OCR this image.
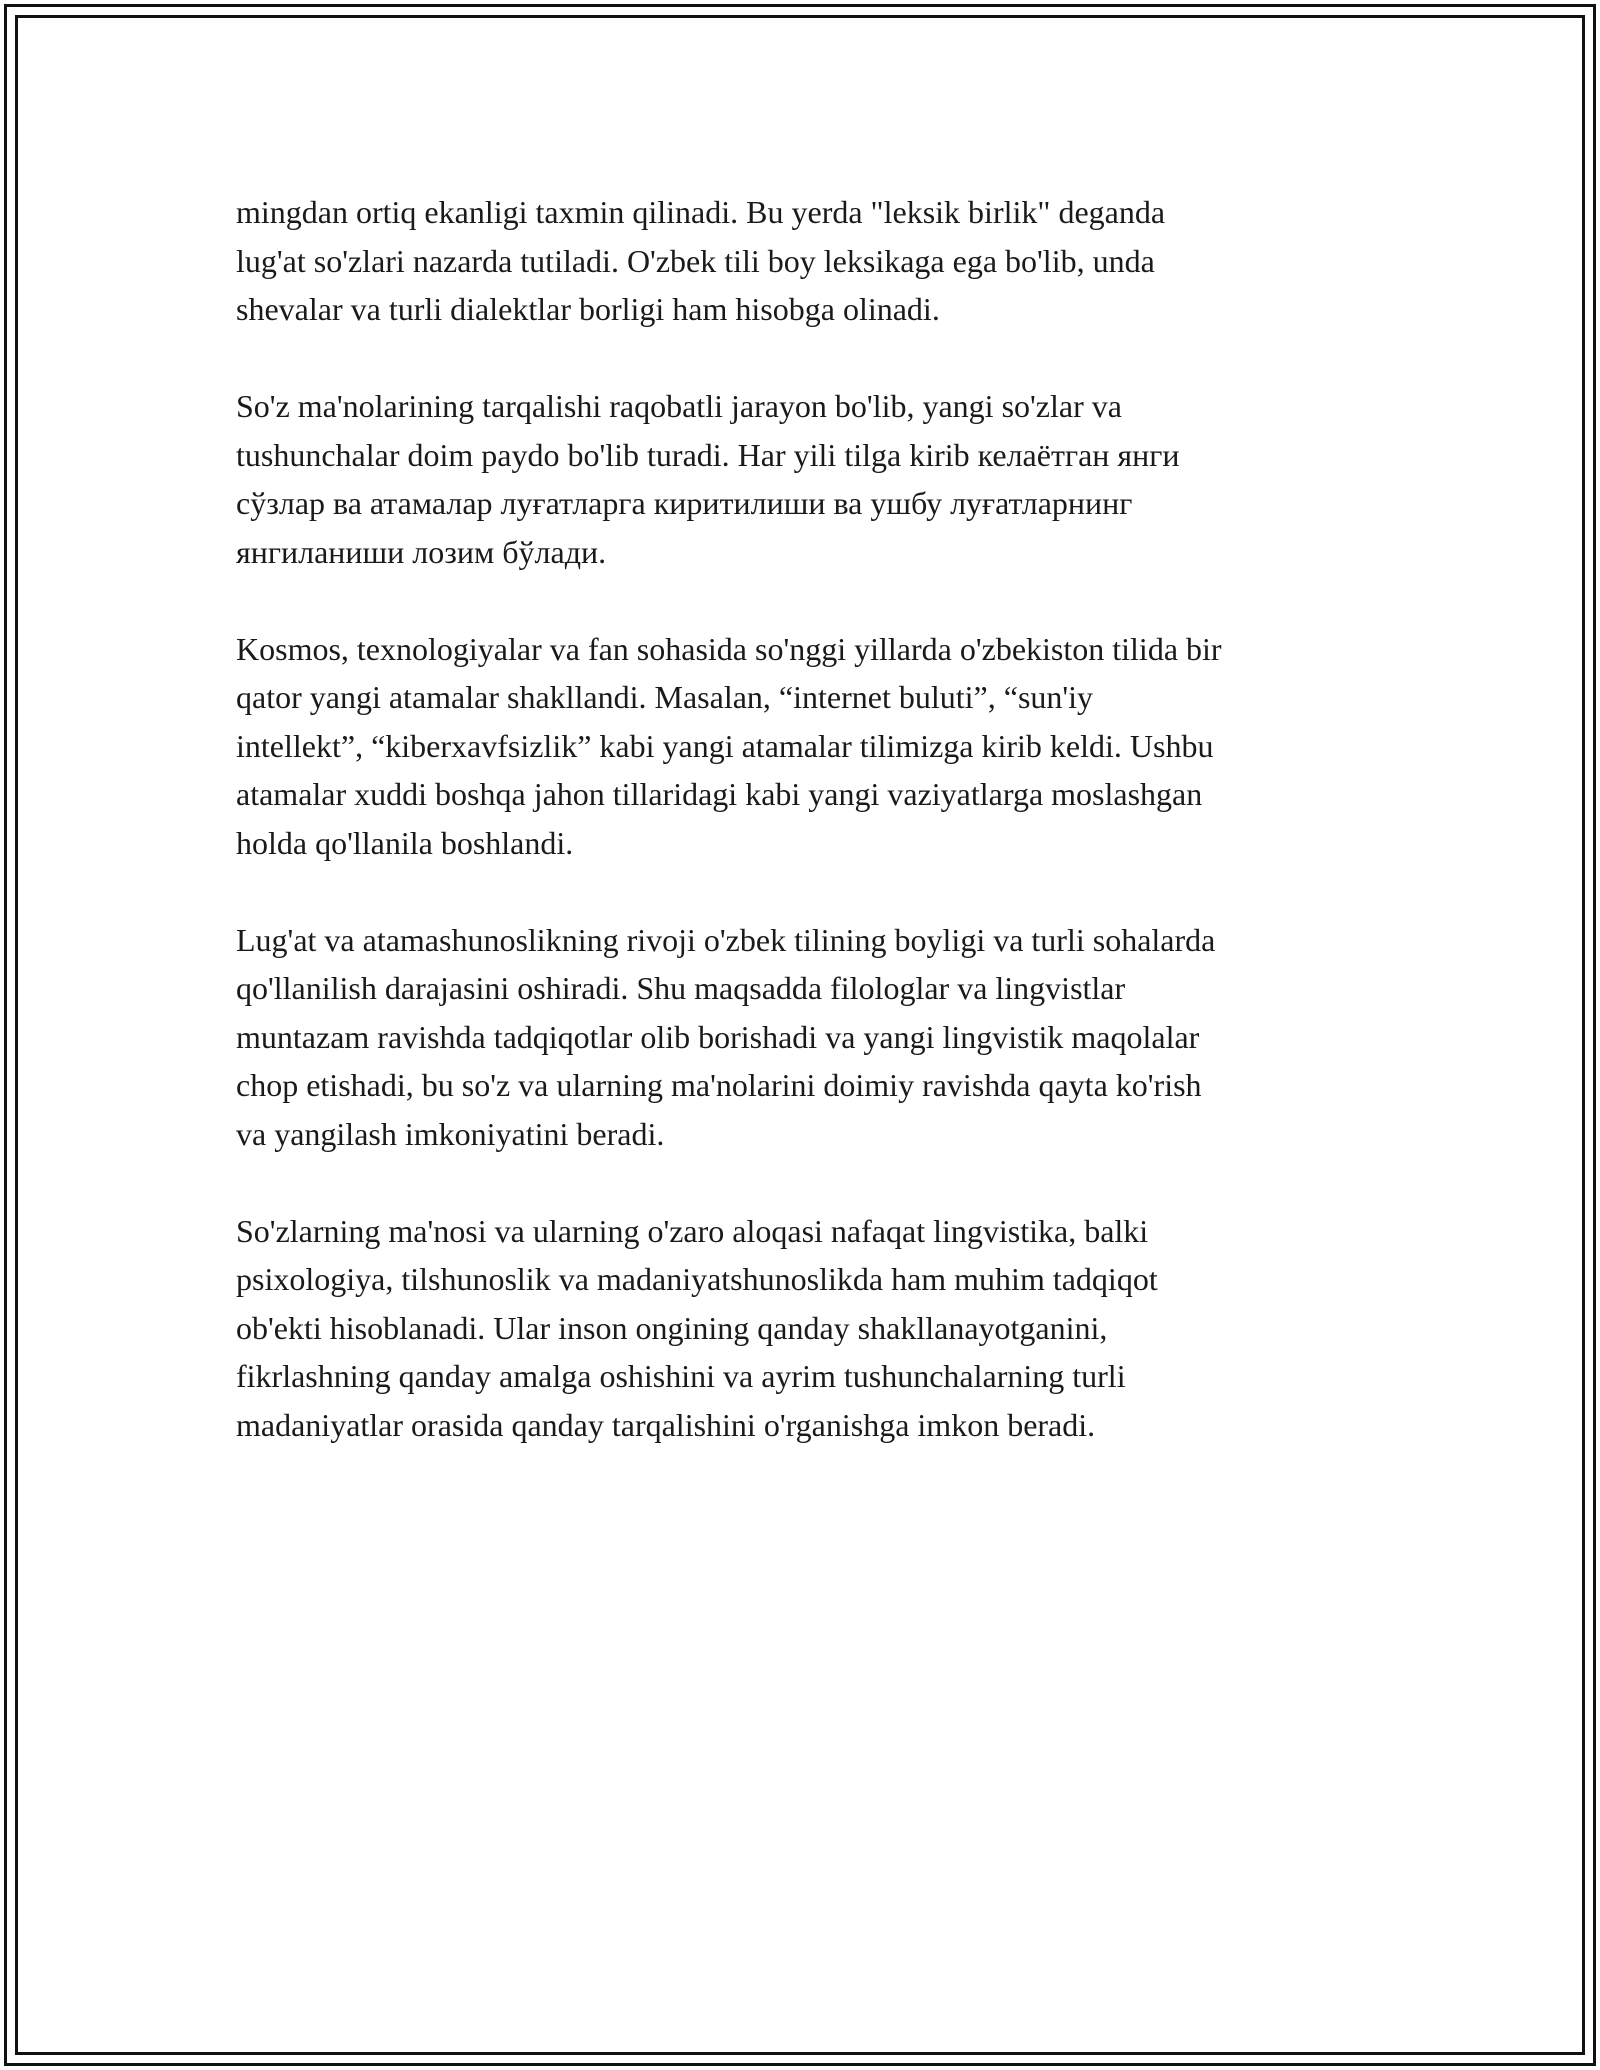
mingdan ortiq ekanligi taxmin qilinadi. Bu yerda "leksik birlik" deganda
lug'at so'zlari nazarda tutiladi. O'zbek tili boy leksikaga ega bo'lib, unda
shevalar va turli dialektlar borligi ham hisobga olinadi.

So'z ma'nolarining tarqalishi raqobatli jarayon bo'lib, yangi so'zlar va
tushunchalar doim paydo bo'lib turadi. Har yili tilga kirib келаётган янги
сўзлар ва атамалар луғатларга киритилиши ва ушбу луғатларнинг
янгиланиши лозим бўлади.

Kosmos, texnologiyalar va fan sohasida so'nggi yillarda o'zbekiston tilida bir
qator yangi atamalar shakllandi. Masalan, “internet buluti”, “sun'iy
intellekt”, “kiberxavfsizlik” kabi yangi atamalar tilimizga kirib keldi. Ushbu
atamalar xuddi boshqa jahon tillaridagi kabi yangi vaziyatlarga moslashgan
holda qo'llanila boshlandi.

Lug'at va atamashunoslikning rivoji o'zbek tilining boyligi va turli sohalarda
qo'llanilish darajasini oshiradi. Shu maqsadda filologlar va lingvistlar
muntazam ravishda tadqiqotlar olib borishadi va yangi lingvistik maqolalar
chop etishadi, bu so'z va ularning ma'nolarini doimiy ravishda qayta ko'rish
va yangilash imkoniyatini beradi.

So'zlarning ma'nosi va ularning o'zaro aloqasi nafaqat lingvistika, balki
psixologiya, tilshunoslik va madaniyatshunoslikda ham muhim tadqiqot
ob'ekti hisoblanadi. Ular inson ongining qanday shakllanayotganini,
fikrlashning qanday amalga oshishini va ayrim tushunchalarning turli
madaniyatlar orasida qanday tarqalishini o'rganishga imkon beradi.
